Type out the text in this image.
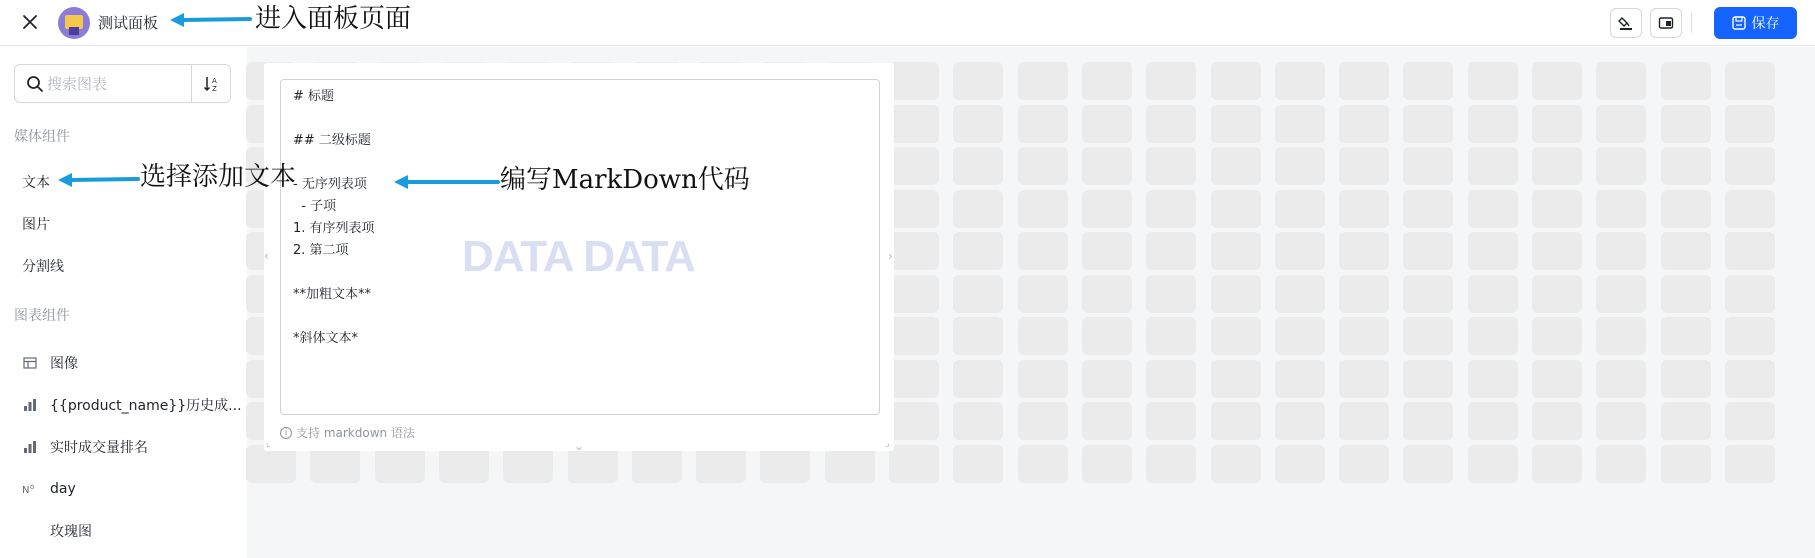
测试面板	保存
搜索图表
A
Z
媒体组件
文本
图片
分割线
图表组件
图像
{{product_name}}历史成...
实时成交量排名
N o day
玫瑰图
# 标题

## 二级标题

- 无序列表项
- 子项
1. 有序列表项
2. 第二项

**加粗文本**

*斜体文本*
DATA DATA
i 支持 markdown 语法
‹	›
⌄	⌟
⌞
进入面板页面
选择添加文本	编写MarkDown代码
